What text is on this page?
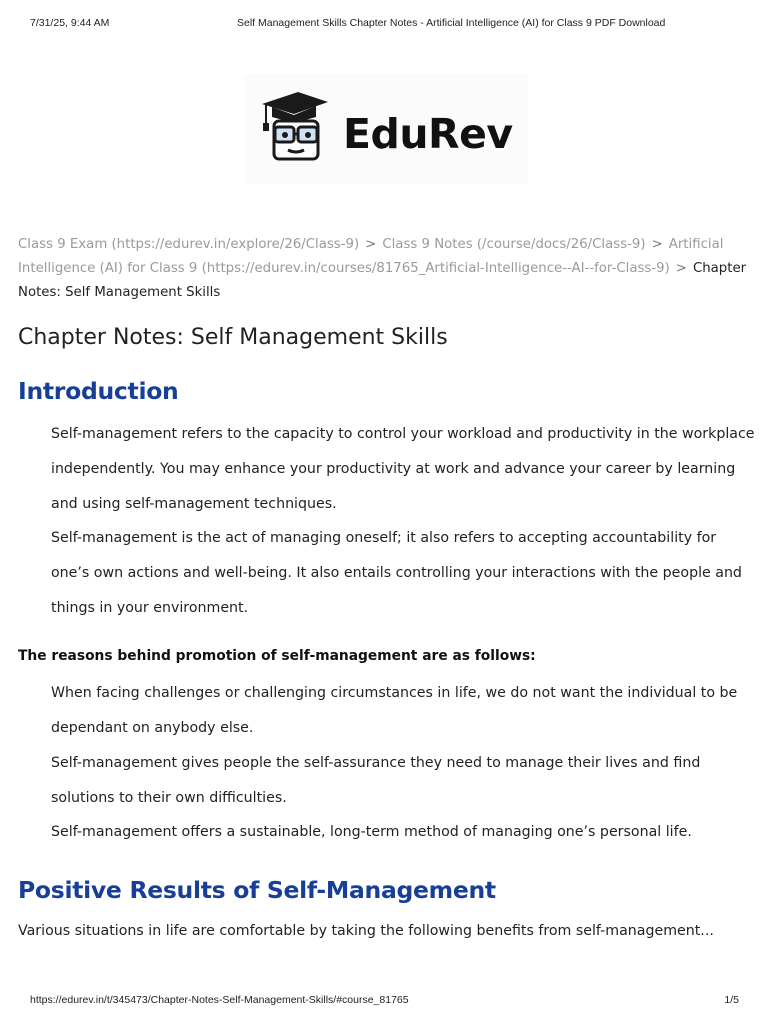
7/31/25, 9:44 AM	Self Management Skills Chapter Notes - Artificial Intelligence (AI) for Class 9 PDF Download
EduRev
Class 9 Exam (https://edurev.in/explore/26/Class-9) > Class 9 Notes (/course/docs/26/Class-9) > Artificial Intelligence (AI) for Class 9 (https://edurev.in/courses/81765_Artificial-Intelligence--AI--for-Class-9) > Chapter Notes: Self Management Skills
Chapter Notes: Self Management Skills
Introduction

Self-management refers to the capacity to control your workload and productivity in the workplace independently. You may enhance your productivity at work and advance your career by learning and using self-management techniques.

Self-management is the act of managing oneself; it also refers to accepting accountability for one’s own actions and well-being. It also entails controlling your interactions with the people and things in your environment.

The reasons behind promotion of self-management are as follows:

When facing challenges or challenging circumstances in life, we do not want the individual to be dependant on anybody else.

Self-management gives people the self-assurance they need to manage their lives and find solutions to their own difficulties.

Self-management offers a sustainable, long-term method of managing one’s personal life.

Positive Results of Self-Management

Various situations in life are comfortable by taking the following benefits from self-management...

https://edurev.in/t/345473/Chapter-Notes-Self-Management-Skills/#course_81765	1/5
